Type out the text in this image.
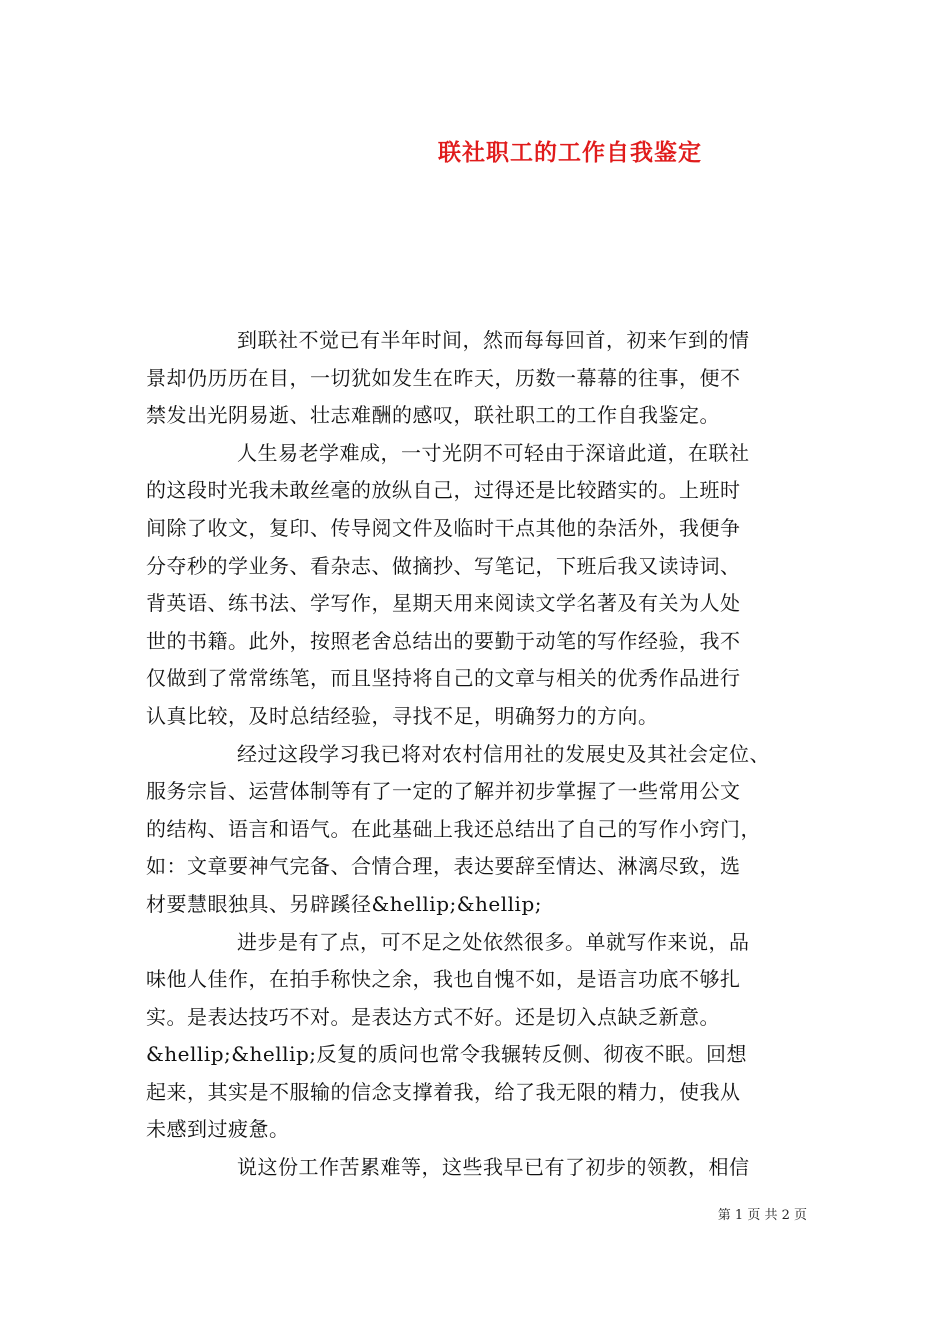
联社职工的工作自我鉴定
到联社不觉已有半年时间，然而每每回首，初来乍到的情
景却仍历历在目，一切犹如发生在昨天，历数一幕幕的往事，便不
禁发出光阴易逝、壮志难酬的感叹，联社职工的工作自我鉴定。
人生易老学难成，一寸光阴不可轻由于深谙此道，在联社
的这段时光我未敢丝毫的放纵自己，过得还是比较踏实的。上班时
间除了收文，复印、传导阅文件及临时干点其他的杂活外，我便争
分夺秒的学业务、看杂志、做摘抄、写笔记，下班后我又读诗词、
背英语、练书法、学写作，星期天用来阅读文学名著及有关为人处
世的书籍。此外，按照老舍总结出的要勤于动笔的写作经验，我不
仅做到了常常练笔，而且坚持将自己的文章与相关的优秀作品进行
认真比较，及时总结经验，寻找不足，明确努力的方向。
经过这段学习我已将对农村信用社的发展史及其社会定位、
服务宗旨、运营体制等有了一定的了解并初步掌握了一些常用公文
的结构、语言和语气。在此基础上我还总结出了自己的写作小窍门，
如：文章要神气完备、合情合理，表达要辞至情达、淋漓尽致，选
材要慧眼独具、另辟蹊径&hellip;&hellip;
进步是有了点，可不足之处依然很多。单就写作来说，品
味他人佳作，在拍手称快之余，我也自愧不如，是语言功底不够扎
实。是表达技巧不对。是表达方式不好。还是切入点缺乏新意。
&hellip;&hellip;反复的质问也常令我辗转反侧、彻夜不眠。回想
起来，其实是不服输的信念支撑着我，给了我无限的精力，使我从
未感到过疲惫。
说这份工作苦累难等，这些我早已有了初步的领教，相信
第 1 页 共 2 页
